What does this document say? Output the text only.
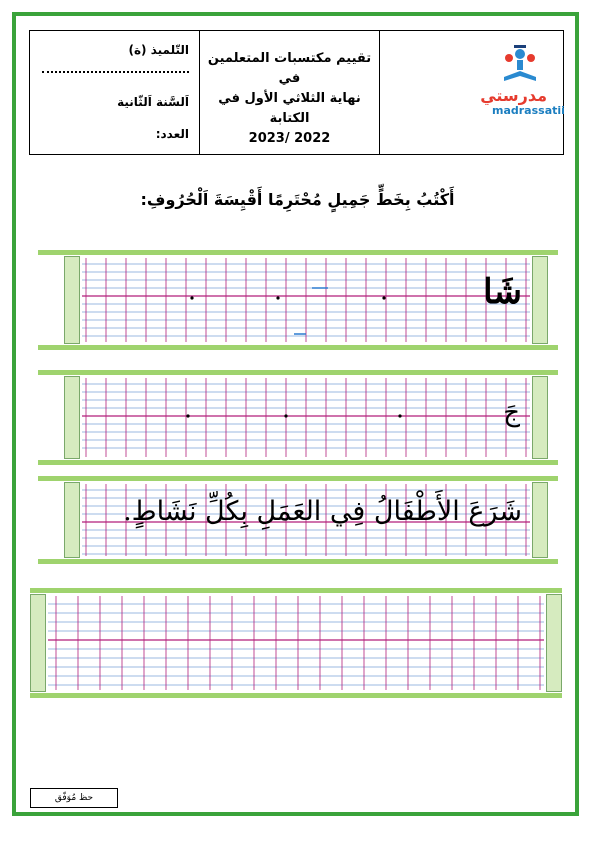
التّلميذ (ة)
اَلسَّنة اَلثّانية
العدد:
تقييم مكتسبات المتعلمين في
نهاية الثلاثي الأول في الكتابة
2022 /2023
مدرستي
madrassatii
أَكْتُبُ بِخَطٍّ جَمِيلٍ مُحْتَرِمًا أَقْيِسَةَ اَلْحُرُوفِ:
شَا
جَ
شَرَعَ الأَطْفَالُ فِي العَمَلِ بِكُلِّ نَشَاطٍ.
حظ مُوَفّق
